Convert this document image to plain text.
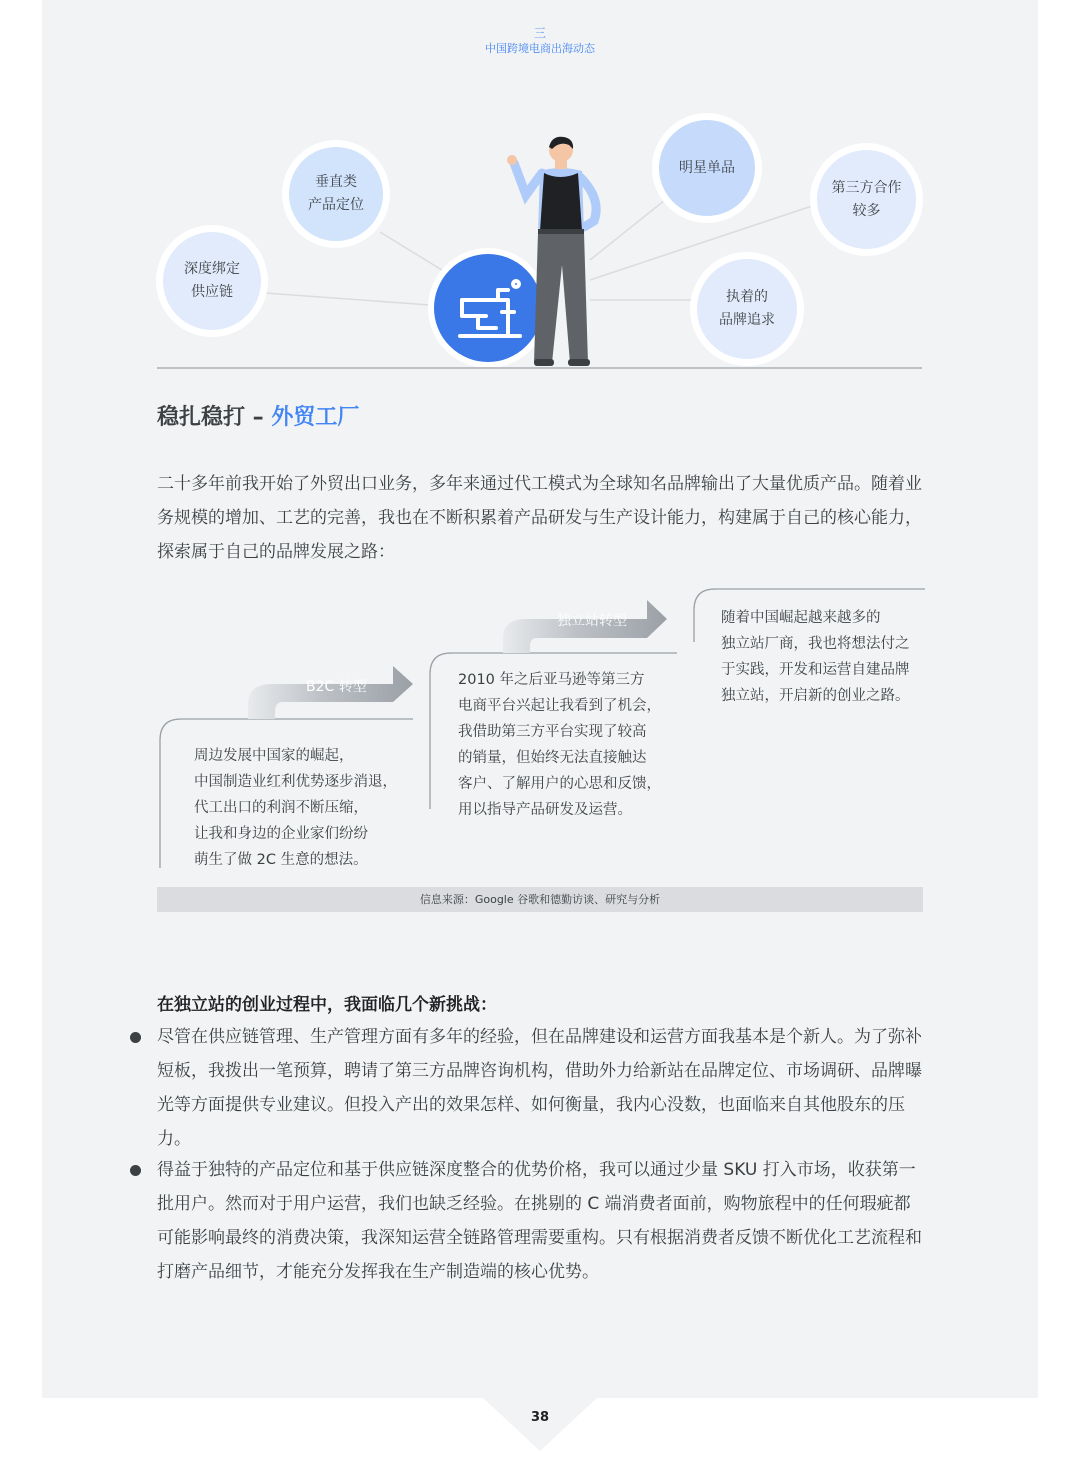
三
中国跨境电商出海动态
垂直类
产品定位
深度绑定
供应链
明星单品
第三方合作
较多
执着的
品牌追求
稳扎稳打 – 外贸工厂
二十多年前我开始了外贸出口业务，多年来通过代工模式为全球知名品牌输出了大量优质产品。随着业务规模的增加、工艺的完善，我也在不断积累着产品研发与生产设计能力，构建属于自己的核心能力，探索属于自己的品牌发展之路：
B2C 转型
独立站转型
周边发展中国家的崛起，
中国制造业红利优势逐步消退，
代工出口的利润不断压缩，
让我和身边的企业家们纷纷
萌生了做 2C 生意的想法。
2010 年之后亚马逊等第三方
电商平台兴起让我看到了机会，
我借助第三方平台实现了较高
的销量，但始终无法直接触达
客户、了解用户的心思和反馈，
用以指导产品研发及运营。
随着中国崛起越来越多的
独立站厂商，我也将想法付之
于实践，开发和运营自建品牌
独立站，开启新的创业之路。
信息来源：Google 谷歌和德勤访谈、研究与分析
在独立站的创业过程中，我面临几个新挑战：
尽管在供应链管理、生产管理方面有多年的经验，但在品牌建设和运营方面我基本是个新人。为了弥补短板，我拨出一笔预算，聘请了第三方品牌咨询机构，借助外力给新站在品牌定位、市场调研、品牌曝光等方面提供专业建议。但投入产出的效果怎样、如何衡量，我内心没数，也面临来自其他股东的压力。
得益于独特的产品定位和基于供应链深度整合的优势价格，我可以通过少量 SKU 打入市场，收获第一批用户。然而对于用户运营，我们也缺乏经验。在挑剔的 C 端消费者面前，购物旅程中的任何瑕疵都可能影响最终的消费决策，我深知运营全链路管理需要重构。只有根据消费者反馈不断优化工艺流程和打磨产品细节，才能充分发挥我在生产制造端的核心优势。
38
